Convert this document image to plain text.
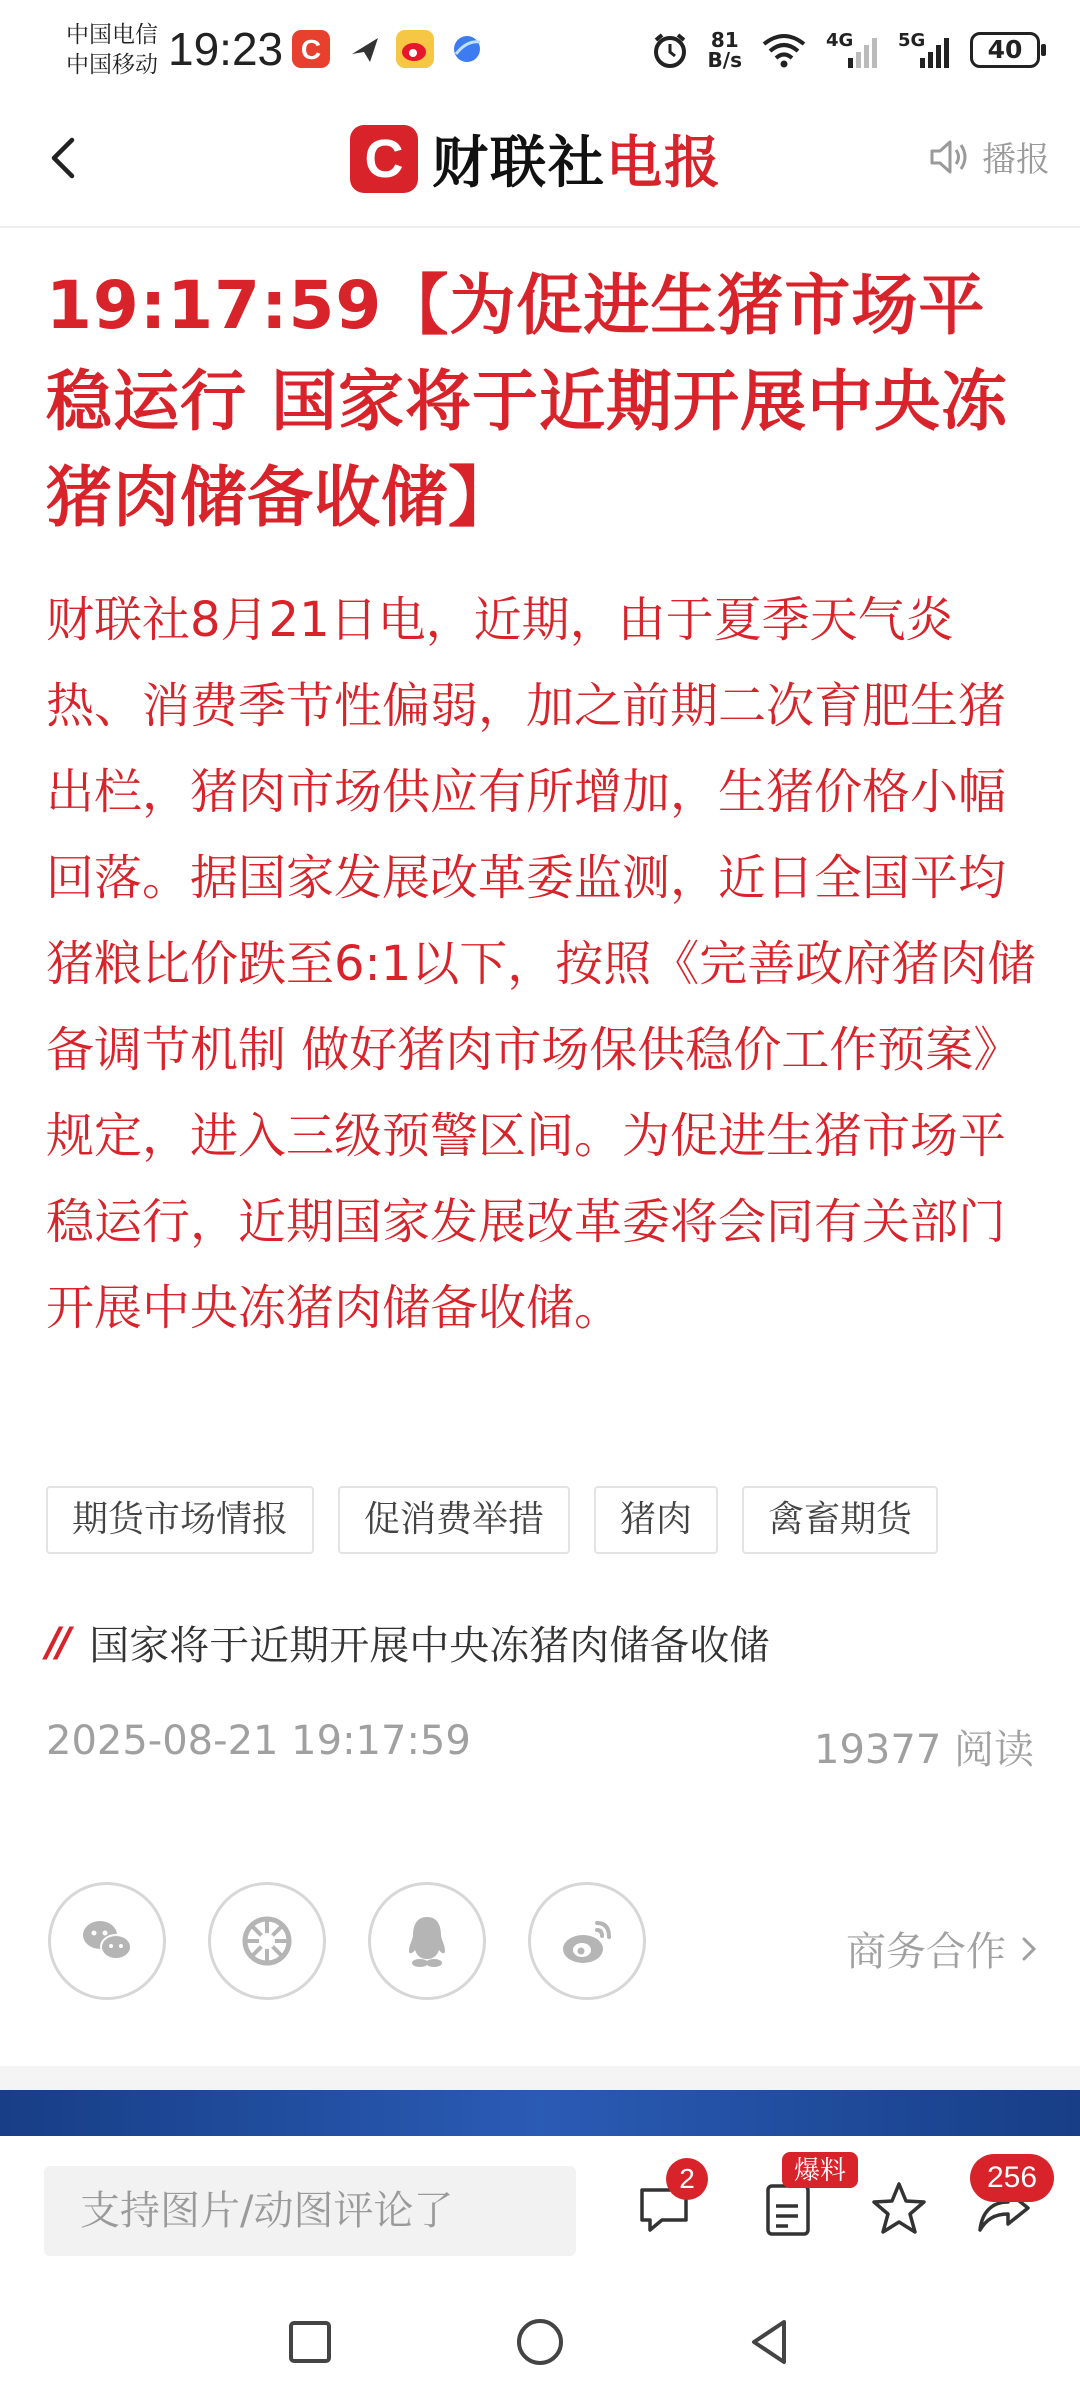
中国电信
中国移动 19:23 C	81
B/s
4G 5G	40
C 财联社电报	播报
19:17:59【为促进生猪市场平稳运行 国家将于近期开展中央冻猪肉储备收储】
财联社8月21日电，近期，由于夏季天气炎热、消费季节性偏弱，加之前期二次育肥生猪出栏，猪肉市场供应有所增加，生猪价格小幅回落。据国家发展改革委监测，近日全国平均猪粮比价跌至6:1以下，按照《完善政府猪肉储备调节机制 做好猪肉市场保供稳价工作预案》规定，进入三级预警区间。为促进生猪市场平稳运行，近期国家发展改革委将会同有关部门开展中央冻猪肉储备收储。
期货市场情报	促消费举措	猪肉	禽畜期货
// 国家将于近期开展中央冻猪肉储备收储
2025-08-21 19:17:59	19377 阅读
商务合作
支持图片/动图评论了
2	爆料	256
